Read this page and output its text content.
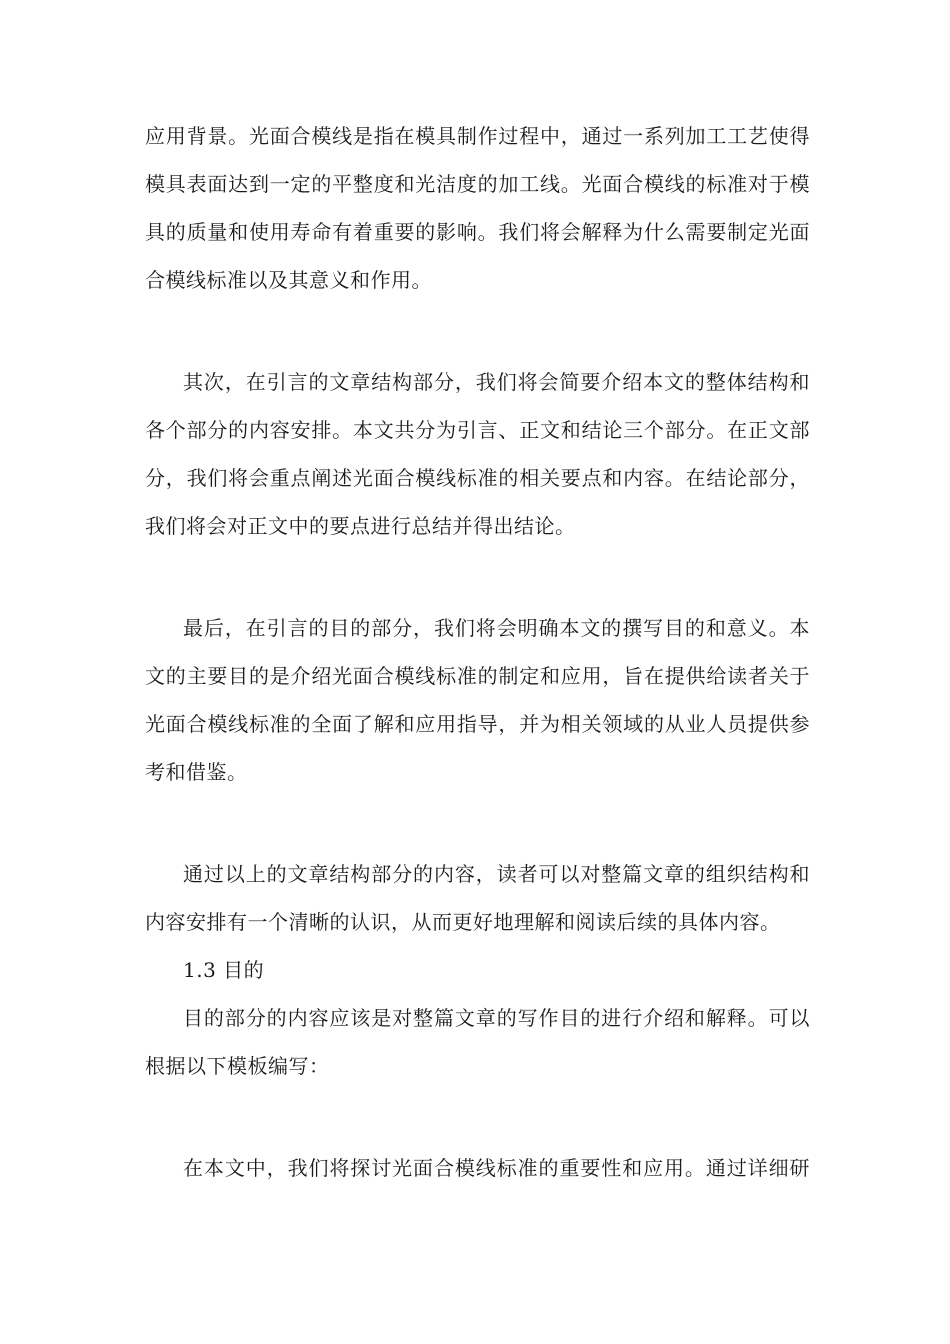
应用背景。光面合模线是指在模具制作过程中，通过一系列加工工艺使得
模具表面达到一定的平整度和光洁度的加工线。光面合模线的标准对于模
具的质量和使用寿命有着重要的影响。我们将会解释为什么需要制定光面
合模线标准以及其意义和作用。
其次，在引言的文章结构部分，我们将会简要介绍本文的整体结构和
各个部分的内容安排。本文共分为引言、正文和结论三个部分。在正文部
分，我们将会重点阐述光面合模线标准的相关要点和内容。在结论部分，
我们将会对正文中的要点进行总结并得出结论。
最后，在引言的目的部分，我们将会明确本文的撰写目的和意义。本
文的主要目的是介绍光面合模线标准的制定和应用，旨在提供给读者关于
光面合模线标准的全面了解和应用指导，并为相关领域的从业人员提供参
考和借鉴。
通过以上的文章结构部分的内容，读者可以对整篇文章的组织结构和
内容安排有一个清晰的认识，从而更好地理解和阅读后续的具体内容。
1.3 目的
目的部分的内容应该是对整篇文章的写作目的进行介绍和解释。可以
根据以下模板编写：
在本文中，我们将探讨光面合模线标准的重要性和应用。通过详细研
